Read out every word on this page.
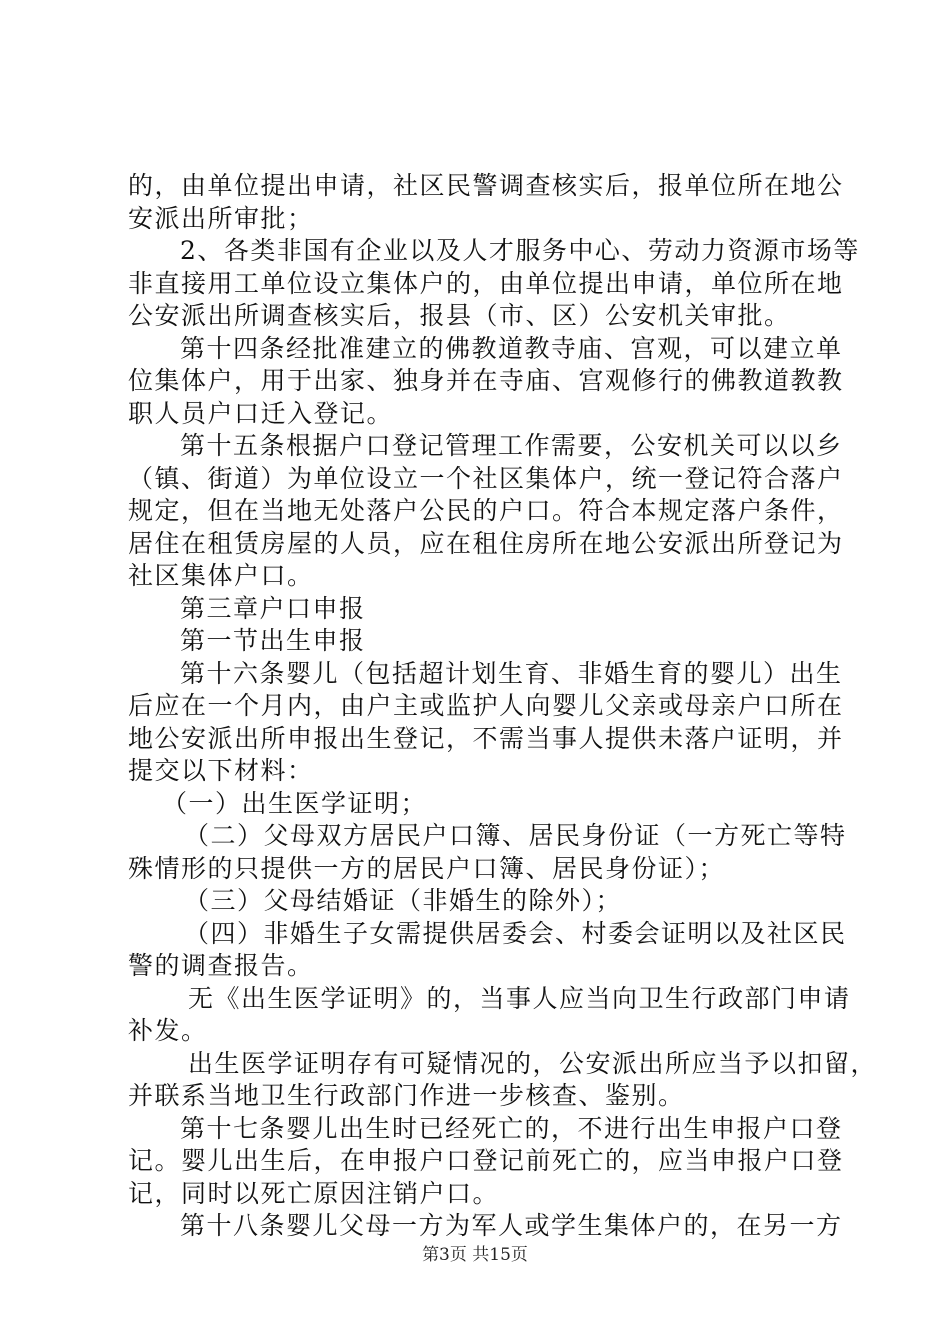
的，由单位提出申请，社区民警调查核实后，报单位所在地公
安派出所审批；
2、各类非国有企业以及人才服务中心、劳动力资源市场等
非直接用工单位设立集体户的，由单位提出申请，单位所在地
公安派出所调查核实后，报县（市、区）公安机关审批。
第十四条经批准建立的佛教道教寺庙、宫观，可以建立单
位集体户，用于出家、独身并在寺庙、宫观修行的佛教道教教
职人员户口迁入登记。
第十五条根据户口登记管理工作需要，公安机关可以以乡
（镇、街道）为单位设立一个社区集体户，统一登记符合落户
规定，但在当地无处落户公民的户口。符合本规定落户条件，
居住在租赁房屋的人员，应在租住房所在地公安派出所登记为
社区集体户口。
第三章户口申报
第一节出生申报
第十六条婴儿（包括超计划生育、非婚生育的婴儿）出生
后应在一个月内，由户主或监护人向婴儿父亲或母亲户口所在
地公安派出所申报出生登记，不需当事人提供未落户证明，并
提交以下材料：
（一）出生医学证明；
（二）父母双方居民户口簿、居民身份证（一方死亡等特
殊情形的只提供一方的居民户口簿、居民身份证）；
（三）父母结婚证（非婚生的除外）；
（四）非婚生子女需提供居委会、村委会证明以及社区民
警的调查报告。
无《出生医学证明》的，当事人应当向卫生行政部门申请
补发。
出生医学证明存有可疑情况的，公安派出所应当予以扣留，
并联系当地卫生行政部门作进一步核查、鉴别。
第十七条婴儿出生时已经死亡的，不进行出生申报户口登
记。婴儿出生后，在申报户口登记前死亡的，应当申报户口登
记，同时以死亡原因注销户口。
第十八条婴儿父母一方为军人或学生集体户的，在另一方
第3页 共15页
